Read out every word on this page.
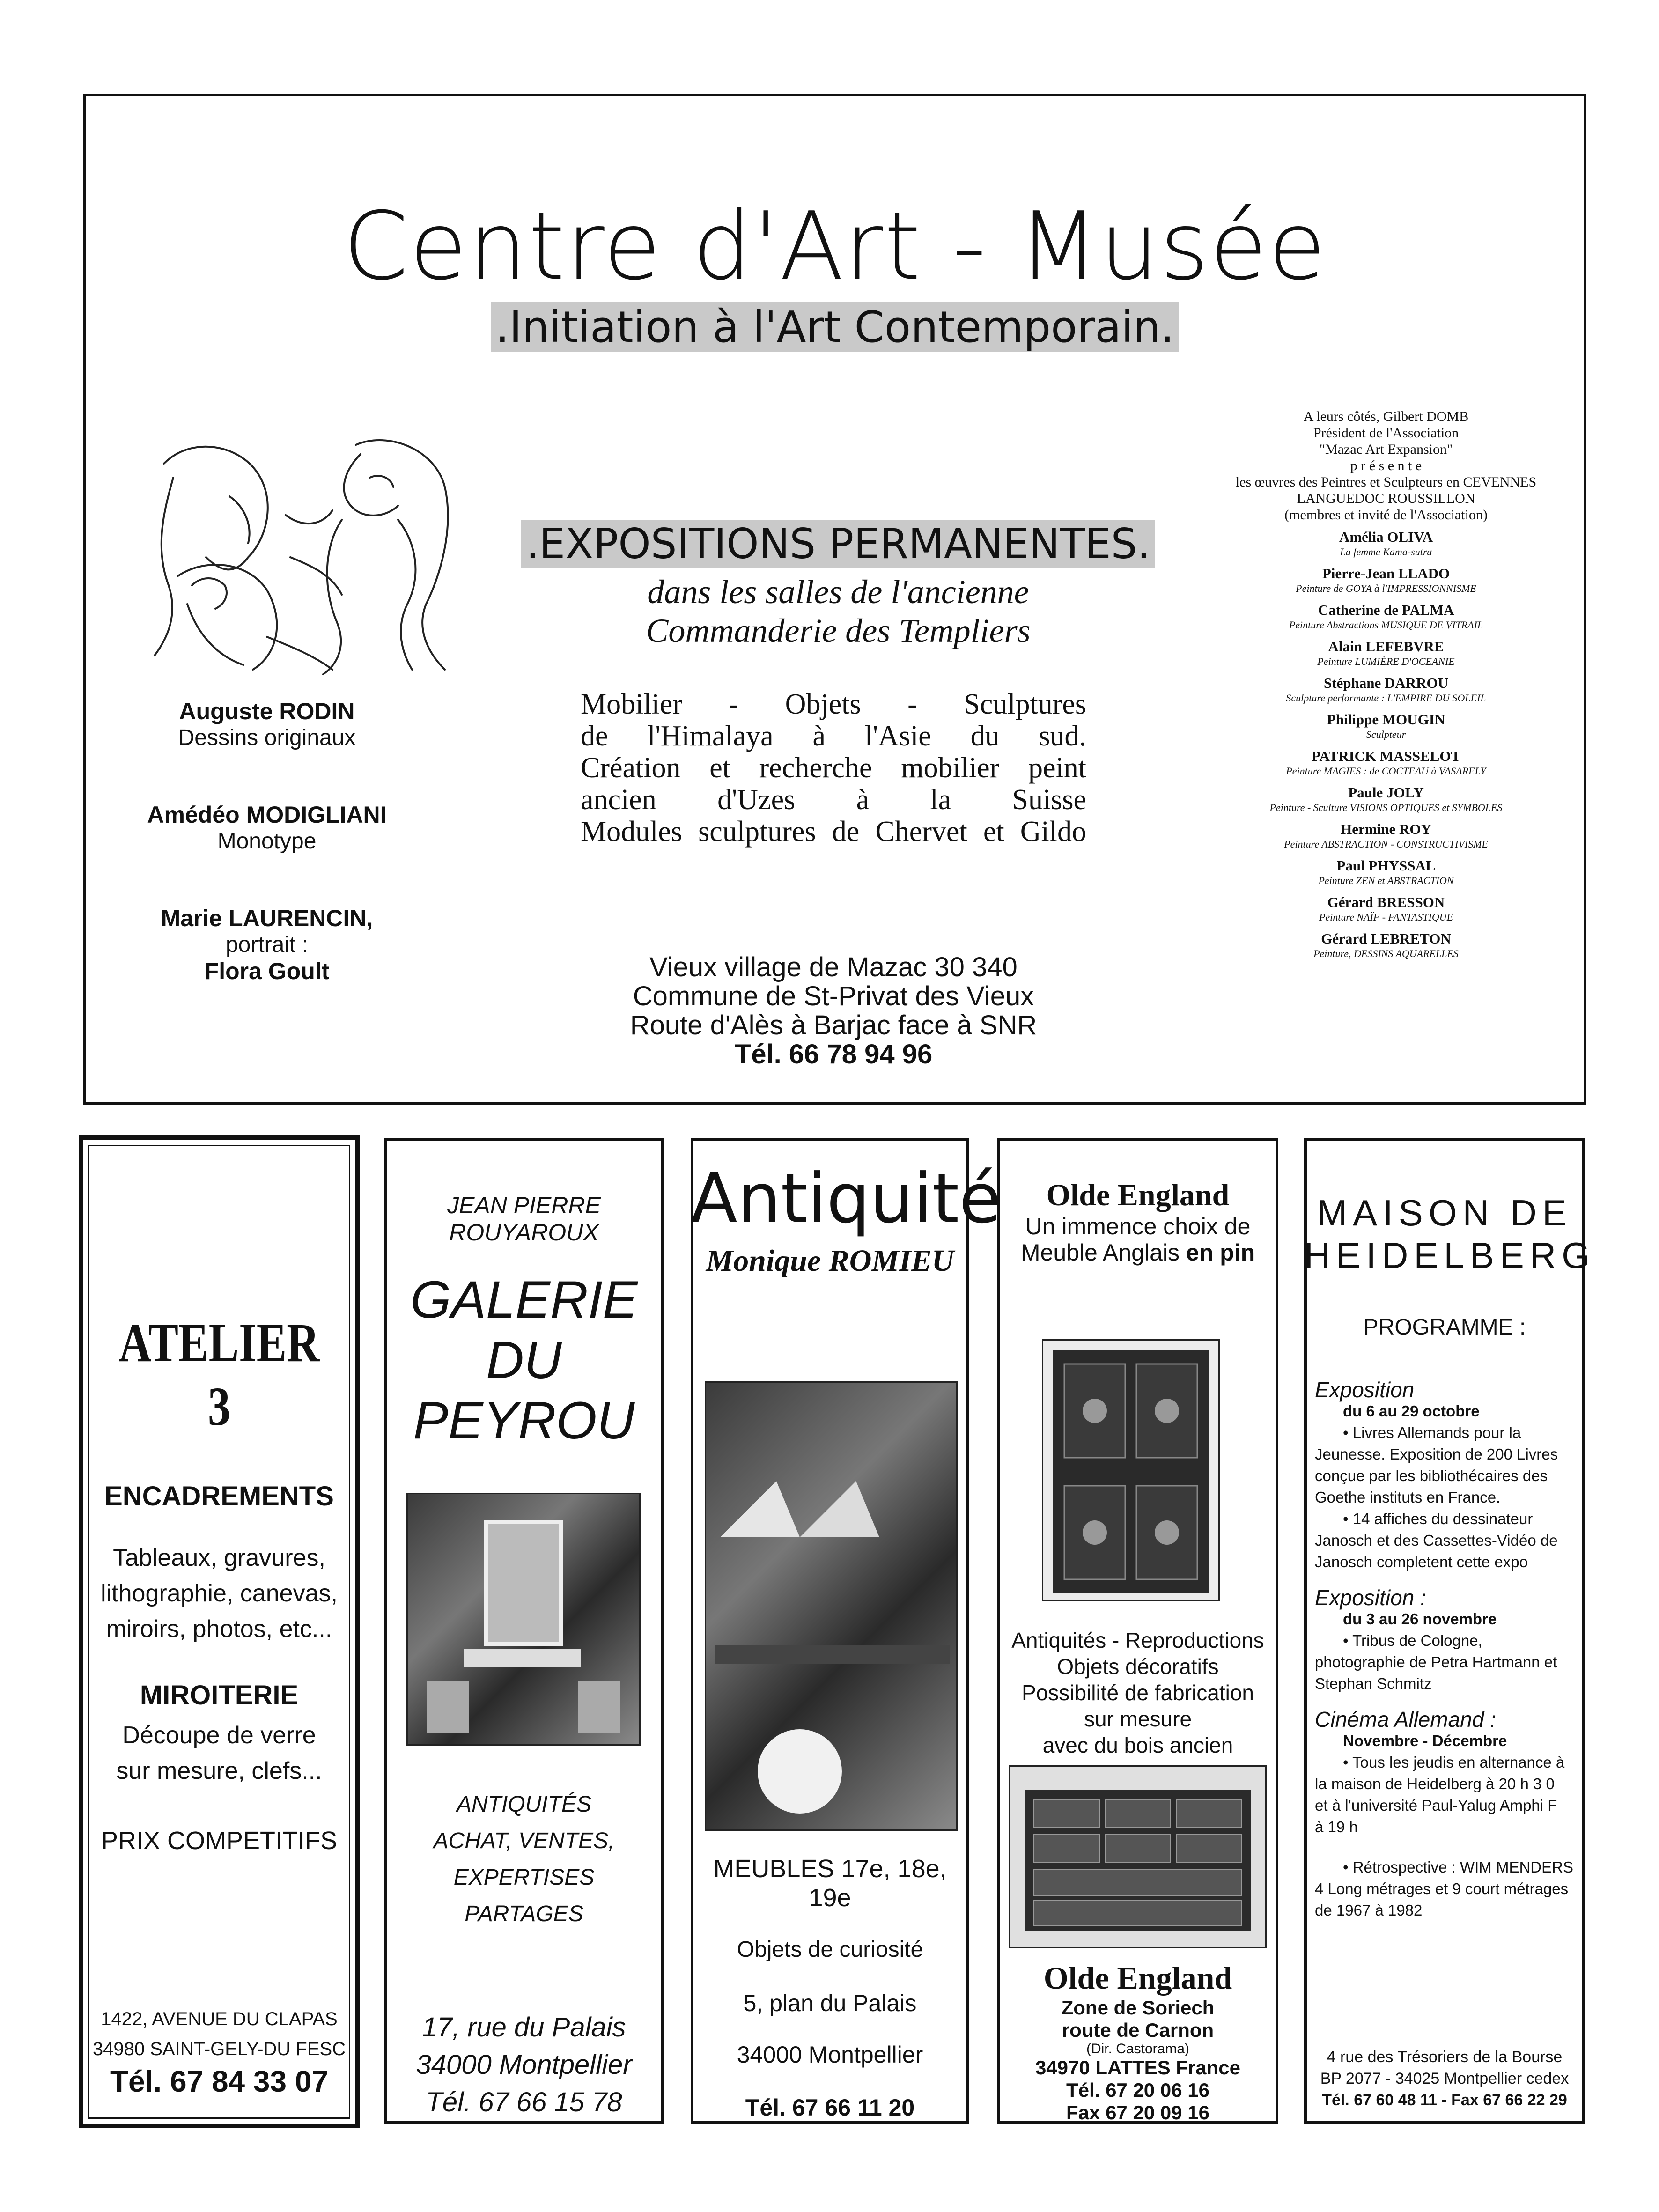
Centre d'Art - Musée
.Initiation à l'Art Contemporain.
Auguste RODIN
Dessins originaux
Amédéo MODIGLIANI
Monotype
Marie LAURENCIN,
portrait :
Flora Goult
.EXPOSITIONS PERMANENTES.
dans les salles de l'ancienne
Commanderie des Templiers
Mobilier - Objets - Sculptures
de l'Himalaya à l'Asie du sud.
Création et recherche mobilier peint
ancien d'Uzes à la Suisse
Modules sculptures de Chervet et Gildo
Vieux village de Mazac 30 340
Commune de St-Privat des Vieux
Route d'Alès à Barjac face à SNR
Tél. 66 78 94 96
A leurs côtés, Gilbert DOMB
Président de l'Association
"Mazac Art Expansion"
p r é s e n t e
les œuvres des Peintres et Sculpteurs en CEVENNES
LANGUEDOC ROUSSILLON
(membres et invité de l'Association)
Amélia OLIVA
La femme Kama-sutra
Pierre-Jean LLADO
Peinture de GOYA à l'IMPRESSIONNISME
Catherine de PALMA
Peinture Abstractions MUSIQUE DE VITRAIL
Alain LEFEBVRE
Peinture LUMIÈRE D'OCEANIE
Stéphane DARROU
Sculpture performante : L'EMPIRE DU SOLEIL
Philippe MOUGIN
Sculpteur
PATRICK MASSELOT
Peinture MAGIES : de COCTEAU à VASARELY
Paule JOLY
Peinture - Sculture VISIONS OPTIQUES et SYMBOLES
Hermine ROY
Peinture ABSTRACTION - CONSTRUCTIVISME
Paul PHYSSAL
Peinture ZEN et ABSTRACTION
Gérard BRESSON
Peinture NAÏF - FANTASTIQUE
Gérard LEBRETON
Peinture, DESSINS AQUARELLES
ATELIER 3
ENCADREMENTS
Tableaux, gravures,
lithographie, canevas,
miroirs, photos, etc...
MIROITERIE
Découpe de verre
sur mesure, clefs...
PRIX COMPETITIFS
1422, AVENUE DU CLAPAS
34980 SAINT-GELY-DU FESC
Tél. 67 84 33 07
JEAN PIERRE ROUYAROUX
GALERIE
DU PEYROU
ANTIQUITÉS
ACHAT, VENTES,
EXPERTISES
PARTAGES
17, rue du Palais
34000 Montpellier
Tél. 67 66 15 78
Antiquité
Monique ROMIEU
MEUBLES 17e, 18e, 19e
Objets de curiosité
5, plan du Palais
34000 Montpellier
Tél. 67 66 11 20
Olde England
Un immence choix de
Meuble Anglais en pin
Antiquités - Reproductions
Objets décoratifs
Possibilité de fabrication
sur mesure
avec du bois ancien
Olde England
Zone de Soriech
route de Carnon
(Dir. Castorama)
34970 LATTES France
Tél. 67 20 06 16
Fax 67 20 09 16
MAISON DE
HEIDELBERG
PROGRAMME :
Exposition
du 6 au 29 octobre
• Livres Allemands pour la
Jeunesse. Exposition de 200 Livres
conçue par les bibliothécaires des
Goethe instituts en France.
• 14 affiches du dessinateur
Janosch et des Cassettes-Vidéo de
Janosch completent cette expo
Exposition :
du 3 au 26 novembre
• Tribus de Cologne,
photographie de Petra Hartmann et
Stephan Schmitz
Cinéma Allemand :
Novembre - Décembre
• Tous les jeudis en alternance à
la maison de Heidelberg à 20 h 3 0
et à l'université Paul-Yalug Amphi F
à 19 h
• Rétrospective : WIM MENDERS
4 Long métrages et 9 court métrages
de 1967 à 1982
4 rue des Trésoriers de la Bourse
BP 2077 - 34025 Montpellier cedex
Tél. 67 60 48 11 - Fax 67 66 22 29
